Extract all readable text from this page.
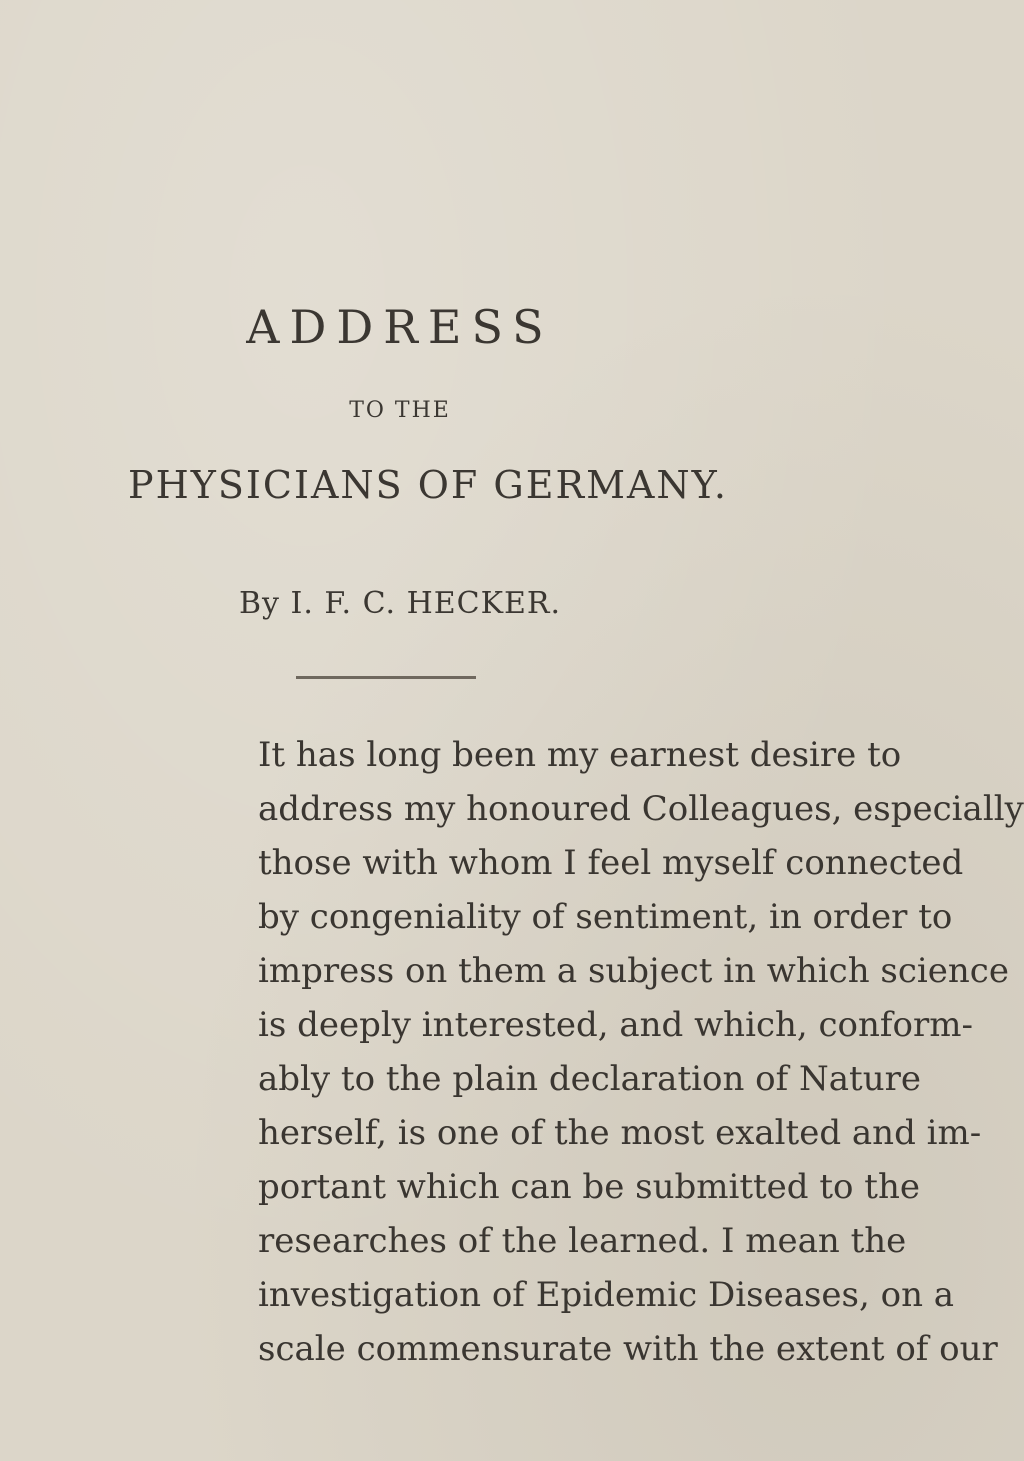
ADDRESS
TO THE
PHYSICIANS OF GERMANY.
By I. F. C. HECKER.
It has long been my earnest desire to
address my honoured Colleagues, especially
those with whom I feel myself connected
by congeniality of sentiment, in order to
impress on them a subject in which science
is deeply interested, and which, conform-
ably to the plain declaration of Nature
herself, is one of the most exalted and im-
portant which can be submitted to the
researches of the learned. I mean the
investigation of Epidemic Diseases, on a
scale commensurate with the extent of our
